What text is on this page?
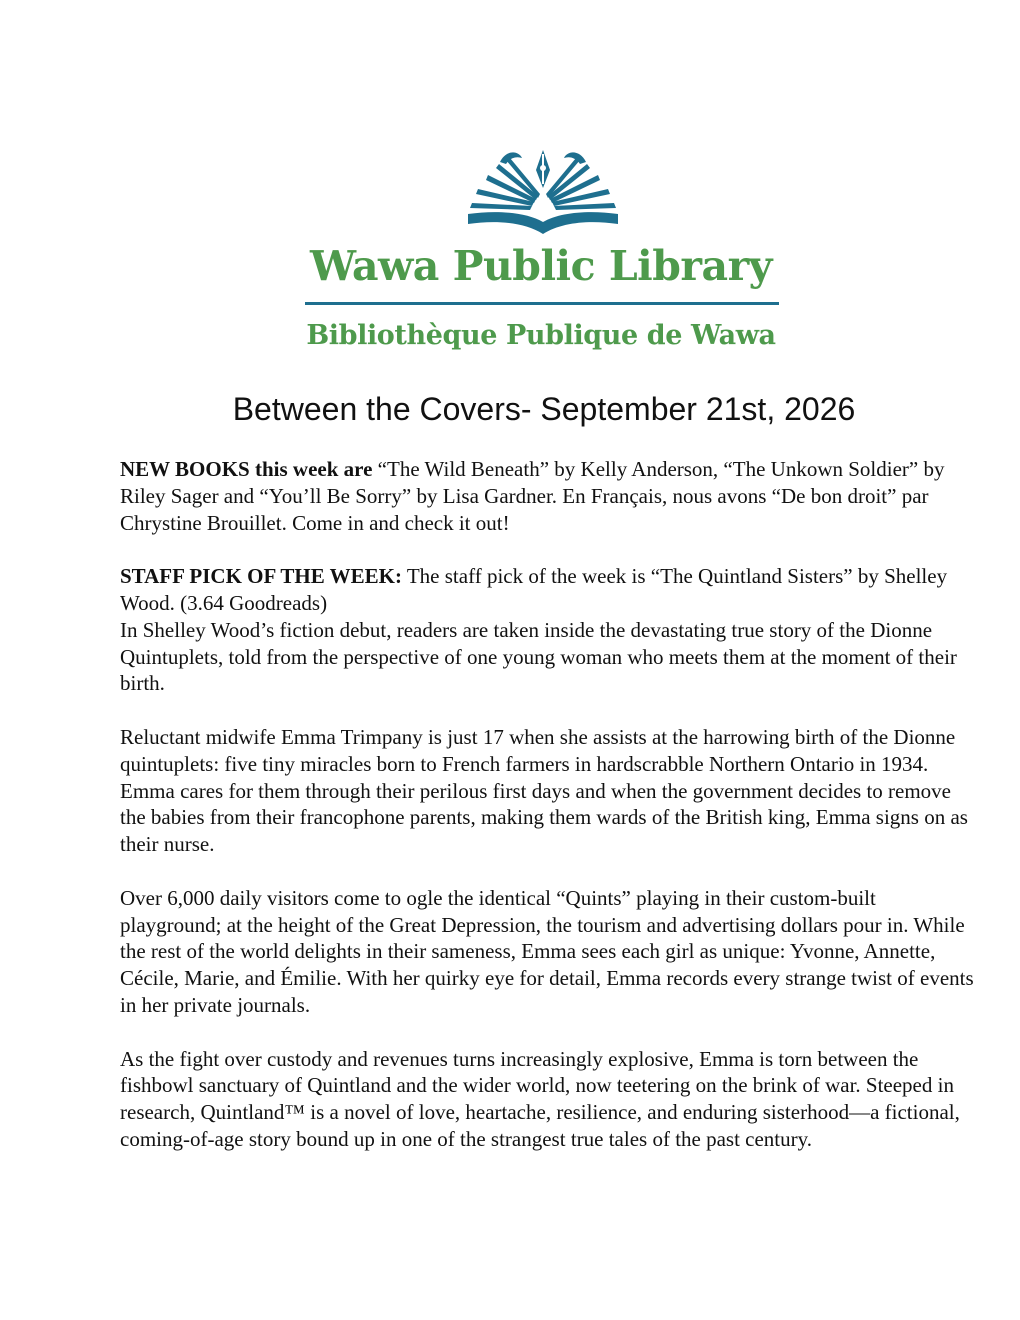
Wawa Public Library
Bibliothèque Publique de Wawa
Between the Covers- September 21st, 2026

NEW BOOKS this week are “The Wild Beneath” by Kelly Anderson, “The Unkown Soldier” by Riley Sager and “You’ll Be Sorry” by Lisa Gardner. En Français, nous avons “De bon droit” par Chrystine Brouillet. Come in and check it out!

STAFF PICK OF THE WEEK: The staff pick of the week is “The Quintland Sisters” by Shelley Wood. (3.64 Goodreads)
In Shelley Wood’s fiction debut, readers are taken inside the devastating true story of the Dionne Quintuplets, told from the perspective of one young woman who meets them at the moment of their birth.

Reluctant midwife Emma Trimpany is just 17 when she assists at the harrowing birth of the Dionne quintuplets: five tiny miracles born to French farmers in hardscrabble Northern Ontario in 1934. Emma cares for them through their perilous first days and when the government decides to remove the babies from their francophone parents, making them wards of the British king, Emma signs on as their nurse.

Over 6,000 daily visitors come to ogle the identical “Quints” playing in their custom-built playground; at the height of the Great Depression, the tourism and advertising dollars pour in. While the rest of the world delights in their sameness, Emma sees each girl as unique: Yvonne, Annette, Cécile, Marie, and Émilie. With her quirky eye for detail, Emma records every strange twist of events in her private journals.

As the fight over custody and revenues turns increasingly explosive, Emma is torn between the fishbowl sanctuary of Quintland and the wider world, now teetering on the brink of war. Steeped in research, Quintland™ is a novel of love, heartache, resilience, and enduring sisterhood—a fictional, coming-of-age story bound up in one of the strangest true tales of the past century.
